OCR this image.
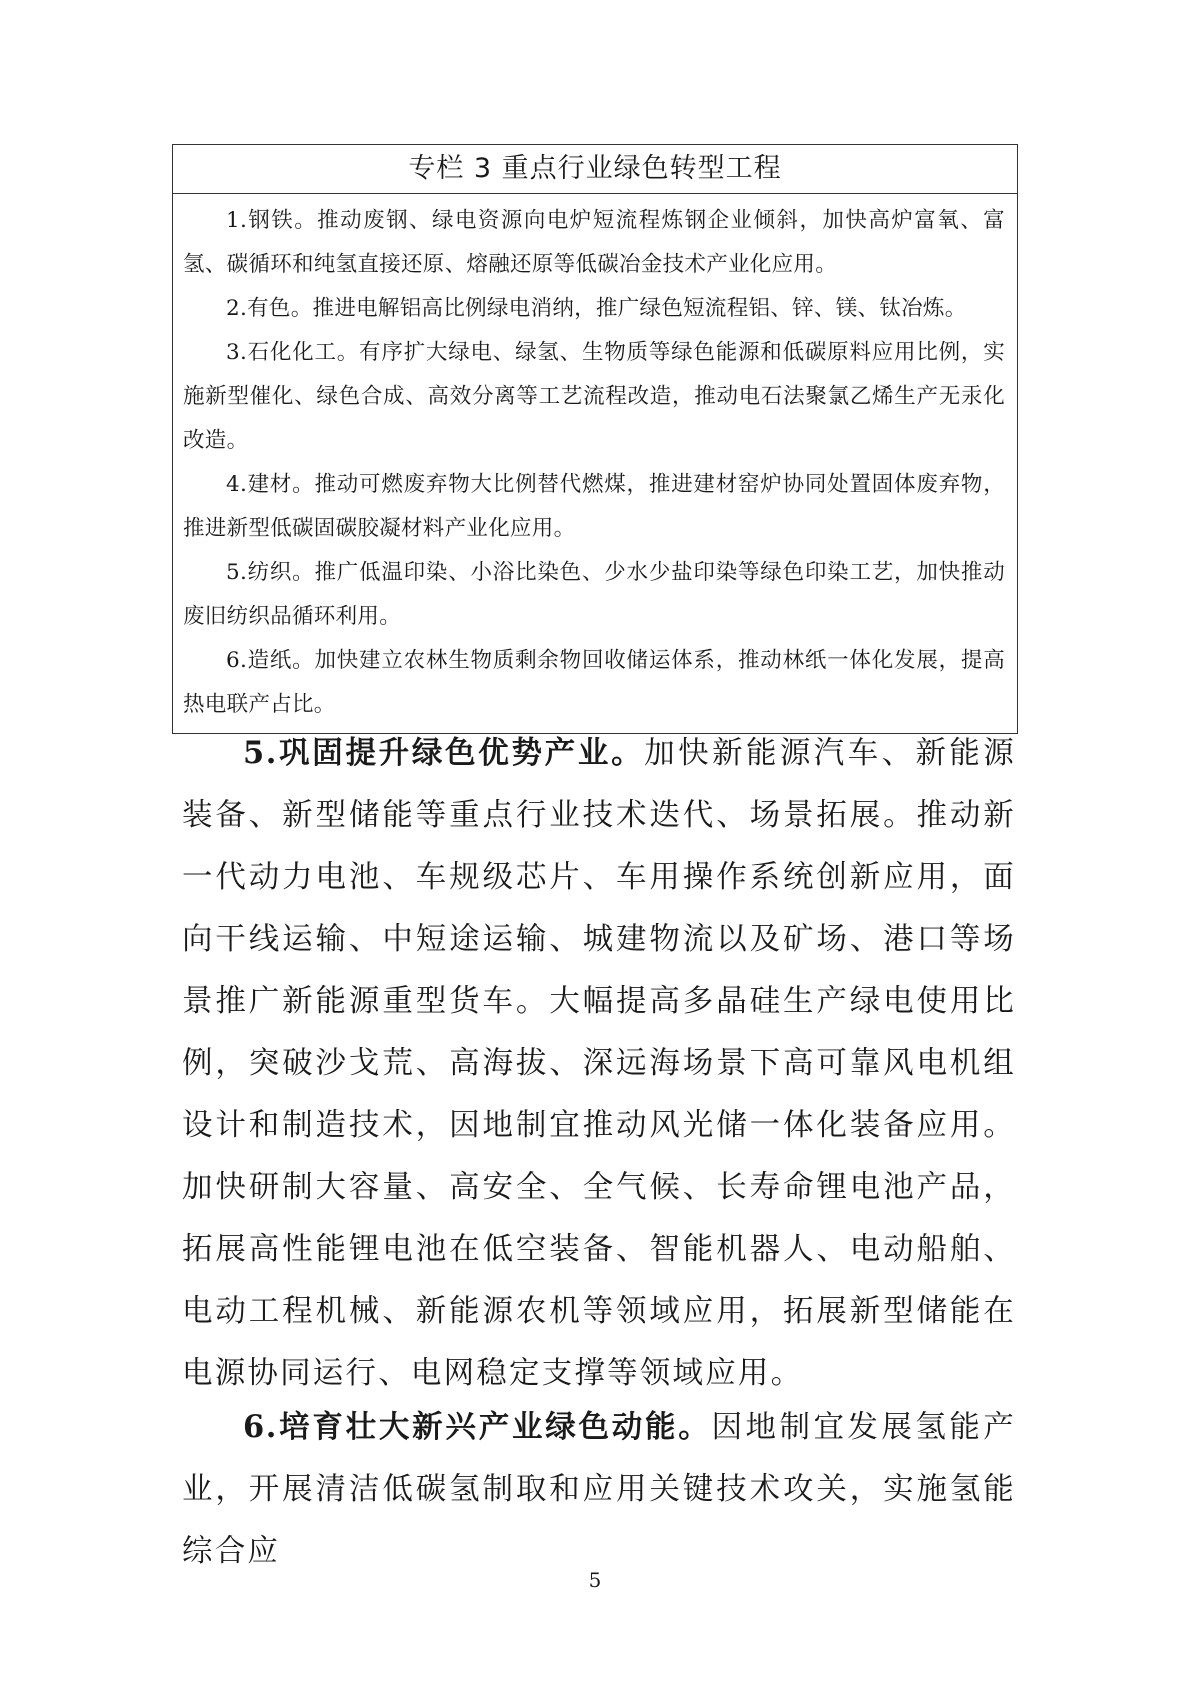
专栏 3 重点行业绿色转型工程

1.钢铁。推动废钢、绿电资源向电炉短流程炼钢企业倾斜，加快高炉富氧、富氢、碳循环和纯氢直接还原、熔融还原等低碳冶金技术产业化应用。

2.有色。推进电解铝高比例绿电消纳，推广绿色短流程铝、锌、镁、钛冶炼。

3.石化化工。有序扩大绿电、绿氢、生物质等绿色能源和低碳原料应用比例，实施新型催化、绿色合成、高效分离等工艺流程改造，推动电石法聚氯乙烯生产无汞化改造。

4.建材。推动可燃废弃物大比例替代燃煤，推进建材窑炉协同处置固体废弃物，推进新型低碳固碳胶凝材料产业化应用。

5.纺织。推广低温印染、小浴比染色、少水少盐印染等绿色印染工艺，加快推动废旧纺织品循环利用。

6.造纸。加快建立农林生物质剩余物回收储运体系，推动林纸一体化发展，提高热电联产占比。

5.巩固提升绿色优势产业。加快新能源汽车、新能源装备、新型储能等重点行业技术迭代、场景拓展。推动新一代动力电池、车规级芯片、车用操作系统创新应用，面向干线运输、中短途运输、城建物流以及矿场、港口等场景推广新能源重型货车。大幅提高多晶硅生产绿电使用比例，突破沙戈荒、高海拔、深远海场景下高可靠风电机组设计和制造技术，因地制宜推动风光储一体化装备应用。加快研制大容量、高安全、全气候、长寿命锂电池产品，拓展高性能锂电池在低空装备、智能机器人、电动船舶、电动工程机械、新能源农机等领域应用，拓展新型储能在电源协同运行、电网稳定支撑等领域应用。

6.培育壮大新兴产业绿色动能。因地制宜发展氢能产业，开展清洁低碳氢制取和应用关键技术攻关，实施氢能综合应

5
